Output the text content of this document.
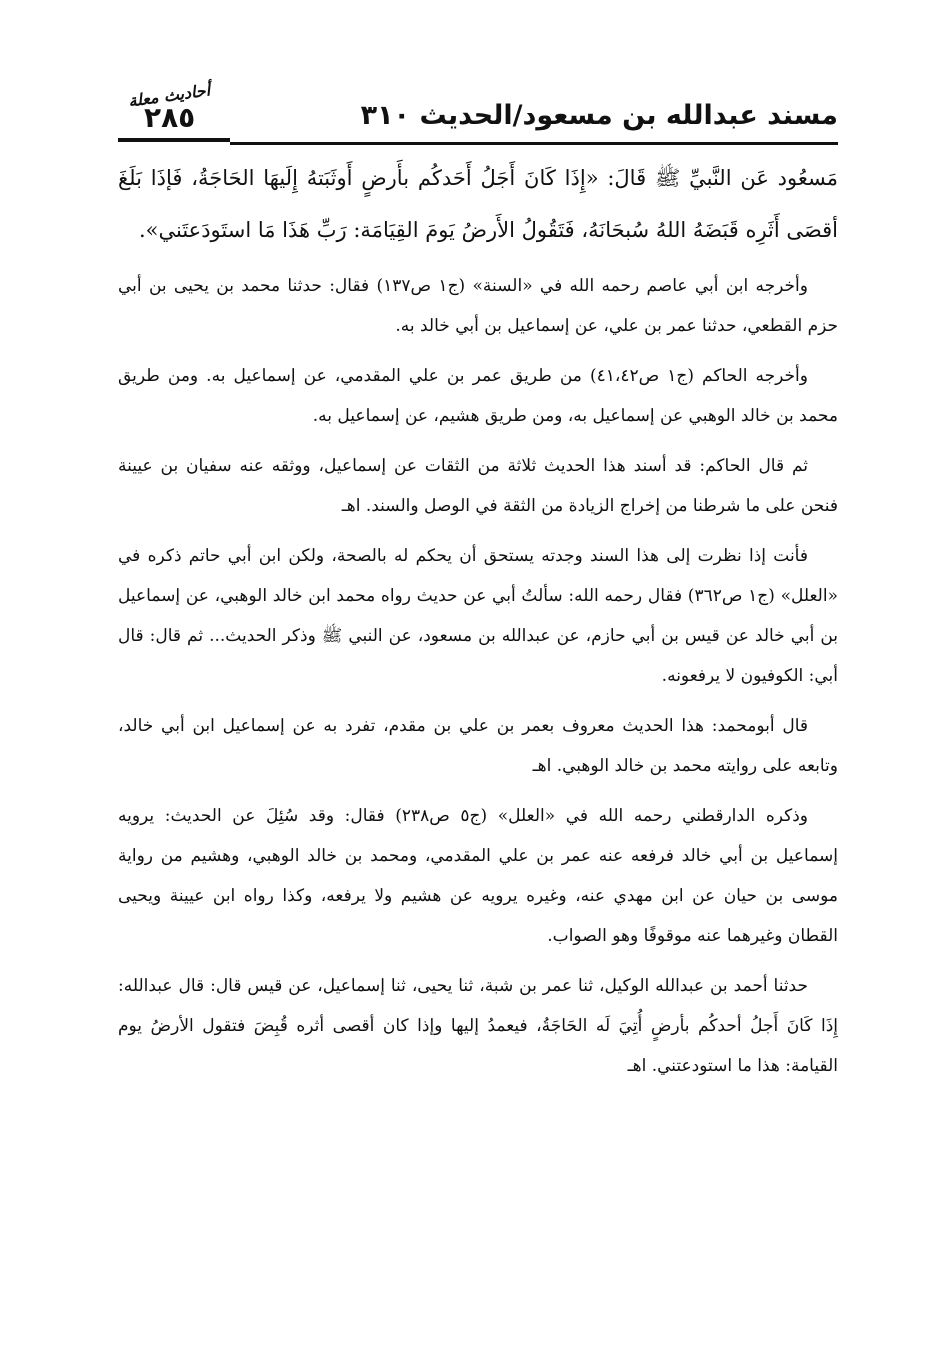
أحاديث معلة
٢٨٥	مسند عبدالله بن مسعود/الحديث ٣١٠

مَسعُود عَن النَّبيِّ ﷺ قَالَ: «إِذَا كَانَ أَجَلُ أَحَدكُم بأَرضٍ أَوثَبَتهُ إِلَيهَا الحَاجَةُ، فَإذَا بَلَغَ أقصَى أَثَرِه قَبَضَهُ اللهُ سُبحَانَهُ، فَتَقُولُ الأَرضُ يَومَ القِيَامَة: رَبِّ هَذَا مَا استَودَعتَني».

وأخرجه ابن أبي عاصم رحمه الله في «السنة» (ج١ ص١٣٧) فقال: حدثنا محمد بن يحيى بن أبي حزم القطعي، حدثنا عمر بن علي، عن إسماعيل بن أبي خالد به.

وأخرجه الحاكم (ج١ ص٤١،٤٢) من طريق عمر بن علي المقدمي، عن إسماعيل به. ومن طريق محمد بن خالد الوهبي عن إسماعيل به، ومن طريق هشيم، عن إسماعيل به.

ثم قال الحاكم: قد أسند هذا الحديث ثلاثة من الثقات عن إسماعيل، ووثقه عنه سفيان بن عيينة فنحن على ما شرطنا من إخراج الزيادة من الثقة في الوصل والسند. اهـ

فأنت إذا نظرت إلى هذا السند وجدته يستحق أن يحكم له بالصحة، ولكن ابن أبي حاتم ذكره في «العلل» (ج١ ص٣٦٢) فقال رحمه الله: سألتُ أبي عن حديث رواه محمد ابن خالد الوهبي، عن إسماعيل بن أبي خالد عن قيس بن أبي حازم، عن عبدالله بن مسعود، عن النبي ﷺ وذكر الحديث... ثم قال: قال أبي: الكوفيون لا يرفعونه.

قال أبومحمد: هذا الحديث معروف بعمر بن علي بن مقدم، تفرد به عن إسماعيل ابن أبي خالد، وتابعه على روايته محمد بن خالد الوهبي. اهـ

وذكره الدارقطني رحمه الله في «العلل» (ج٥ ص٢٣٨) فقال: وقد سُئِلَ عن الحديث: يرويه إسماعيل بن أبي خالد فرفعه عنه عمر بن علي المقدمي، ومحمد بن خالد الوهبي، وهشيم من رواية موسى بن حيان عن ابن مهدي عنه، وغيره يرويه عن هشيم ولا يرفعه، وكذا رواه ابن عيينة ويحيى القطان وغيرهما عنه موقوفًا وهو الصواب.

حدثنا أحمد بن عبدالله الوكيل، ثنا عمر بن شبة، ثنا يحيى، ثنا إسماعيل، عن قيس قال: قال عبدالله: إِذَا كَانَ أَجلُ أحدكُم بأرضٍ أُتِيَ لَه الحَاجَةُ، فيعمدُ إليها وإذا كان أقصى أثره قُبِضَ فتقول الأرضُ يوم القيامة: هذا ما استودعتني. اهـ
